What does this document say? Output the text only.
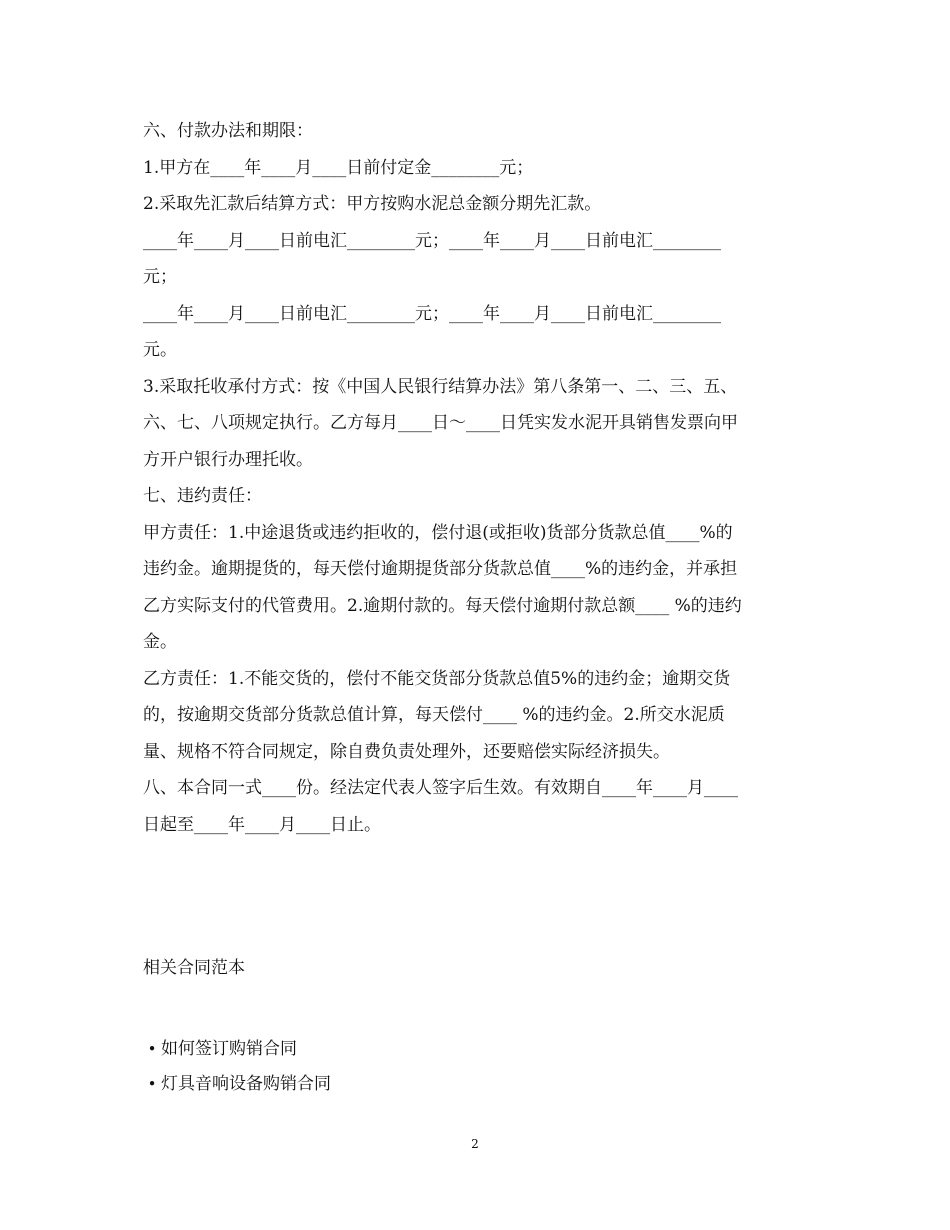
六、付款办法和期限：
1.甲方在____年____月____日前付定金________元；
2.采取先汇款后结算方式：甲方按购水泥总金额分期先汇款。
____年____月____日前电汇________元；____年____月____日前电汇________
元；
____年____月____日前电汇________元；____年____月____日前电汇________
元。
3.采取托收承付方式：按《中国人民银行结算办法》第八条第一、二、三、五、
六、七、八项规定执行。乙方每月____日～____日凭实发水泥开具销售发票向甲
方开户银行办理托收。
七、违约责任：
甲方责任：1.中途退货或违约拒收的，偿付退(或拒收)货部分货款总值____%的
违约金。逾期提货的，每天偿付逾期提货部分货款总值____%的违约金，并承担
乙方实际支付的代管费用。2.逾期付款的。每天偿付逾期付款总额____ %的违约
金。
乙方责任：1.不能交货的，偿付不能交货部分货款总值5%的违约金；逾期交货
的，按逾期交货部分货款总值计算，每天偿付____ %的违约金。2.所交水泥质
量、规格不符合同规定，除自费负责处理外，还要赔偿实际经济损失。
八、本合同一式____份。经法定代表人签字后生效。有效期自____年____月____
日起至____年____月____日止。
相关合同范本
• 如何签订购销合同
• 灯具音响设备购销合同
2
